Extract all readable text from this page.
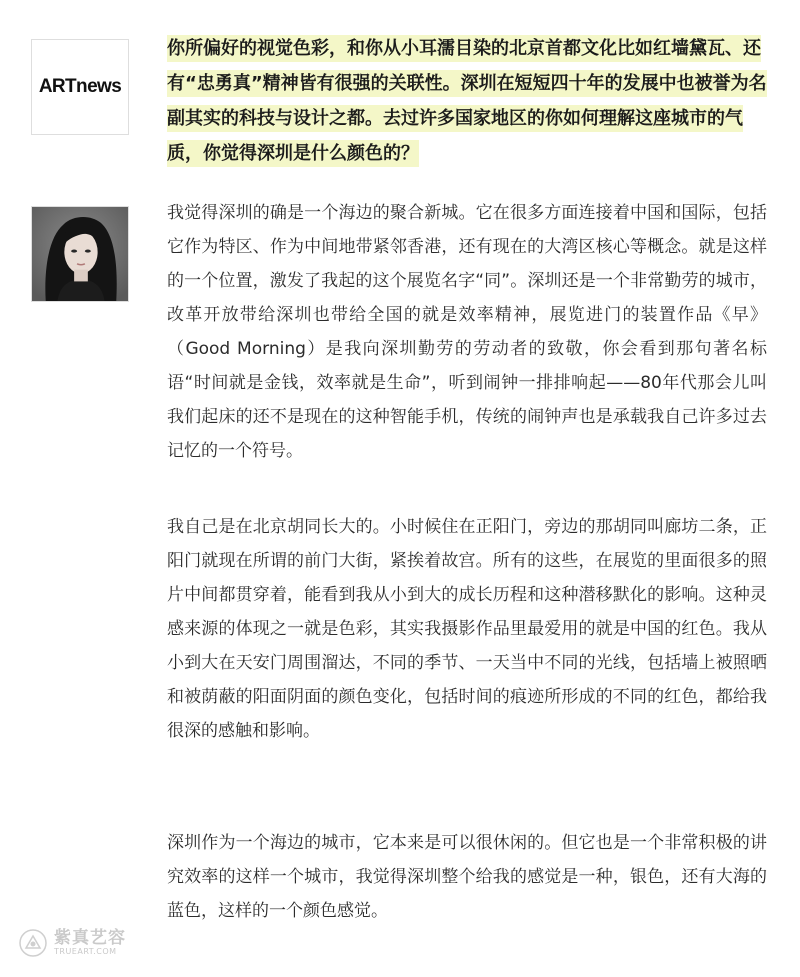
ARTnews
你所偏好的视觉色彩，和你从小耳濡目染的北京首都文化比如红墙黛瓦、还有“忠勇真”精神皆有很强的关联性。深圳在短短四十年的发展中也被誉为名副其实的科技与设计之都。去过许多国家地区的你如何理解这座城市的气质，你觉得深圳是什么颜色的？

我觉得深圳的确是一个海边的聚合新城。它在很多方面连接着中国和国际，包括它作为特区、作为中间地带紧邻香港，还有现在的大湾区核心等概念。就是这样的一个位置，激发了我起的这个展览名字“同”。深圳还是一个非常勤劳的城市，改革开放带给深圳也带给全国的就是效率精神，展览进门的装置作品《早》（Good Morning）是我向深圳勤劳的劳动者的致敬，你会看到那句著名标语“时间就是金钱，效率就是生命”，听到闹钟一排排响起——80年代那会儿叫我们起床的还不是现在的这种智能手机，传统的闹钟声也是承载我自己许多过去记忆的一个符号。

我自己是在北京胡同长大的。小时候住在正阳门，旁边的那胡同叫廊坊二条，正阳门就现在所谓的前门大街，紧挨着故宫。所有的这些，在展览的里面很多的照片中间都贯穿着，能看到我从小到大的成长历程和这种潜移默化的影响。这种灵感来源的体现之一就是色彩，其实我摄影作品里最爱用的就是中国的红色。我从小到大在天安门周围溜达，不同的季节、一天当中不同的光线，包括墙上被照晒和被荫蔽的阳面阴面的颜色变化，包括时间的痕迹所形成的不同的红色，都给我很深的感触和影响。

深圳作为一个海边的城市，它本来是可以很休闲的。但它也是一个非常积极的讲究效率的这样一个城市，我觉得深圳整个给我的感觉是一种，银色，还有大海的蓝色，这样的一个颜色感觉。

紫真艺容
TRUEART.COM
